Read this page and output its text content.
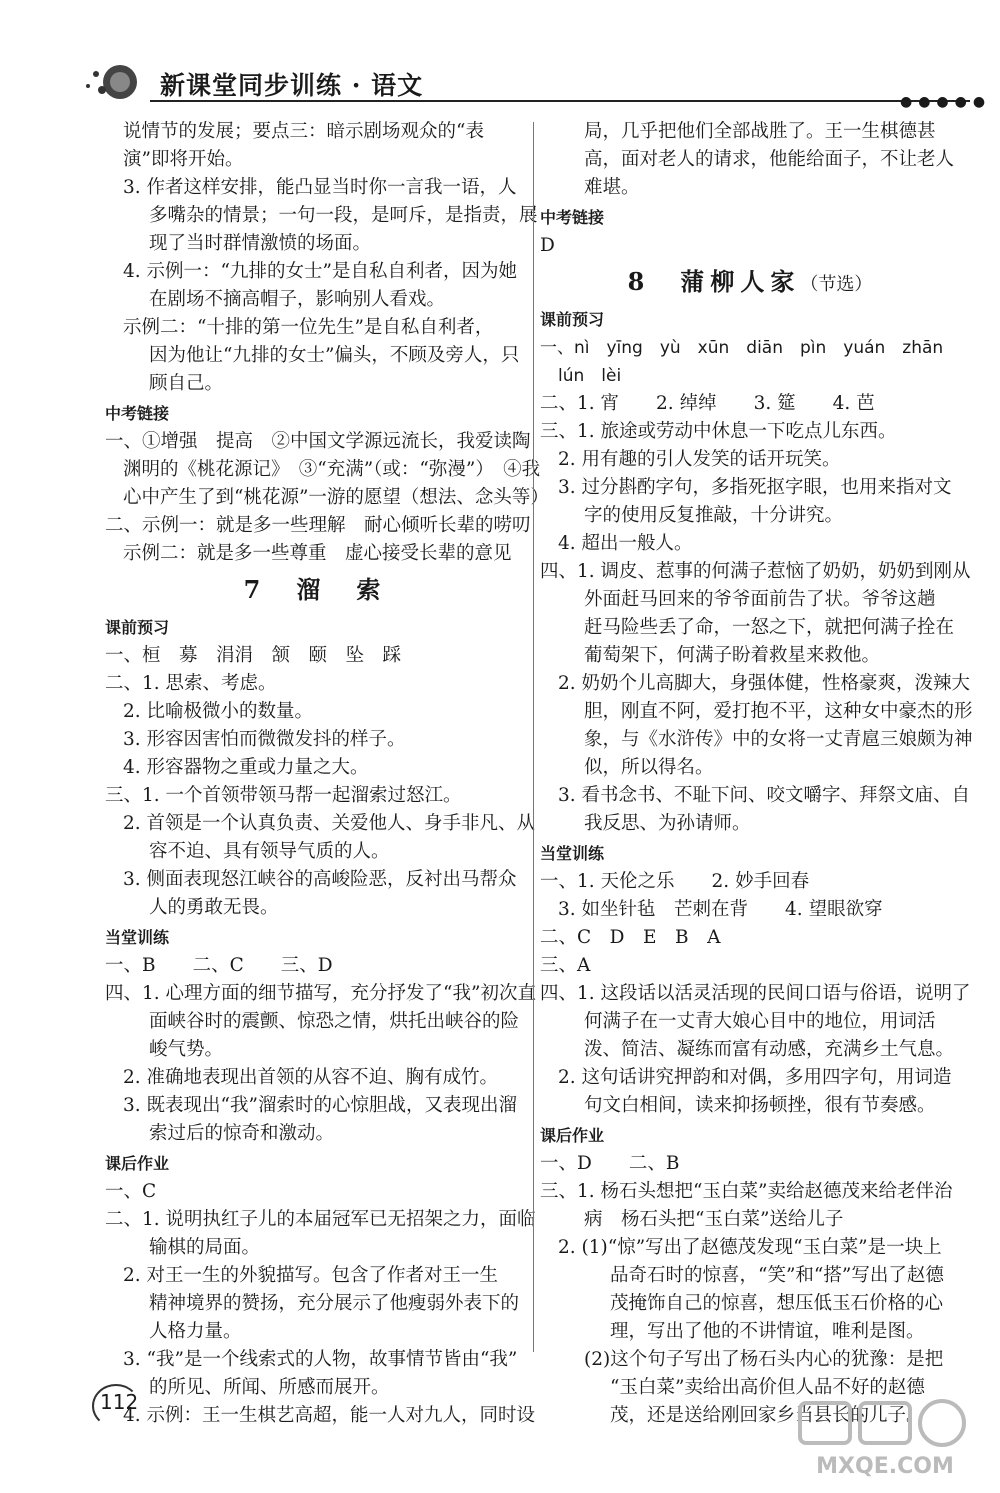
新课堂同步训练 · 语文
●●●●●
说情节的发展；要点三：暗示剧场观众的“表
演”即将开始。
3. 作者这样安排，能凸显当时你一言我一语，人
多嘴杂的情景；一句一段，是呵斥，是指责，展
现了当时群情激愤的场面。
4. 示例一：“九排的女士”是自私自利者，因为她
在剧场不摘高帽子，影响别人看戏。
示例二：“十排的第一位先生”是自私自利者，
因为他让“九排的女士”偏头，不顾及旁人，只
顾自己。
中考链接
一、①增强　提高　②中国文学源远流长，我爱读陶
渊明的《桃花源记》　③“充满”（或：“弥漫”）　④我
心中产生了到“桃花源”一游的愿望（想法、念头等）
二、示例一：就是多一些理解　耐心倾听长辈的唠叨
示例二：就是多一些尊重　虚心接受长辈的意见
7　溜　索
课前预习
一、桓　募　涓涓　颔　颐　坠　踩
二、1. 思索、考虑。
2. 比喻极微小的数量。
3. 形容因害怕而微微发抖的样子。
4. 形容器物之重或力量之大。
三、1. 一个首领带领马帮一起溜索过怒江。
2. 首领是一个认真负责、关爱他人、身手非凡、从
容不迫、具有领导气质的人。
3. 侧面表现怒江峡谷的高峻险恶，反衬出马帮众
人的勇敢无畏。
当堂训练
一、B　　二、C　　三、D
四、1. 心理方面的细节描写，充分抒发了“我”初次直
面峡谷时的震颤、惊恐之情，烘托出峡谷的险
峻气势。
2. 准确地表现出首领的从容不迫、胸有成竹。
3. 既表现出“我”溜索时的心惊胆战，又表现出溜
索过后的惊奇和激动。
课后作业
一、C
二、1. 说明执红子儿的本届冠军已无招架之力，面临
输棋的局面。
2. 对王一生的外貌描写。包含了作者对王一生
精神境界的赞扬，充分展示了他瘦弱外表下的
人格力量。
3. “我”是一个线索式的人物，故事情节皆由“我”
的所见、所闻、所感而展开。
4. 示例：王一生棋艺高超，能一人对九人，同时设
局，几乎把他们全部战胜了。王一生棋德甚
高，面对老人的请求，他能给面子，不让老人
难堪。
中考链接
D
8　蒲柳人家（节选）
课前预习
一、nì　yīng　yù　xūn　diān　pìn　yuán　zhān
lún　lèi
二、1. 宵　　2. 绰绰　　3. 筵　　4. 芭
三、1. 旅途或劳动中休息一下吃点儿东西。
2. 用有趣的引人发笑的话开玩笑。
3. 过分斟酌字句，多指死抠字眼，也用来指对文
字的使用反复推敲，十分讲究。
4. 超出一般人。
四、1. 调皮、惹事的何满子惹恼了奶奶，奶奶到刚从
外面赶马回来的爷爷面前告了状。爷爷这趟
赶马险些丢了命，一怒之下，就把何满子拴在
葡萄架下，何满子盼着救星来救他。
2. 奶奶个儿高脚大，身强体健，性格豪爽，泼辣大
胆，刚直不阿，爱打抱不平，这种女中豪杰的形
象，与《水浒传》中的女将一丈青扈三娘颇为神
似，所以得名。
3. 看书念书、不耻下问、咬文嚼字、拜祭文庙、自
我反思、为孙请师。
当堂训练
一、1. 天伦之乐　　2. 妙手回春
3. 如坐针毡　芒刺在背　　4. 望眼欲穿
二、C　D　E　B　A
三、A
四、1. 这段话以活灵活现的民间口语与俗语，说明了
何满子在一丈青大娘心目中的地位，用词活
泼、简洁、凝练而富有动感，充满乡土气息。
2. 这句话讲究押韵和对偶，多用四字句，用词造
句文白相间，读来抑扬顿挫，很有节奏感。
课后作业
一、D　　二、B
三、1. 杨石头想把“玉白菜”卖给赵德茂来给老伴治
病　杨石头把“玉白菜”送给儿子
2. (1)“惊”写出了赵德茂发现“玉白菜”是一块上
品奇石时的惊喜，“笑”和“搭”写出了赵德
茂掩饰自己的惊喜，想压低玉石价格的心
理，写出了他的不讲情谊，唯利是图。
(2)这个句子写出了杨石头内心的犹豫：是把
“玉白菜”卖给出高价但人品不好的赵德
茂，还是送给刚回家乡当县长的儿子。
112
MXQE.COM
